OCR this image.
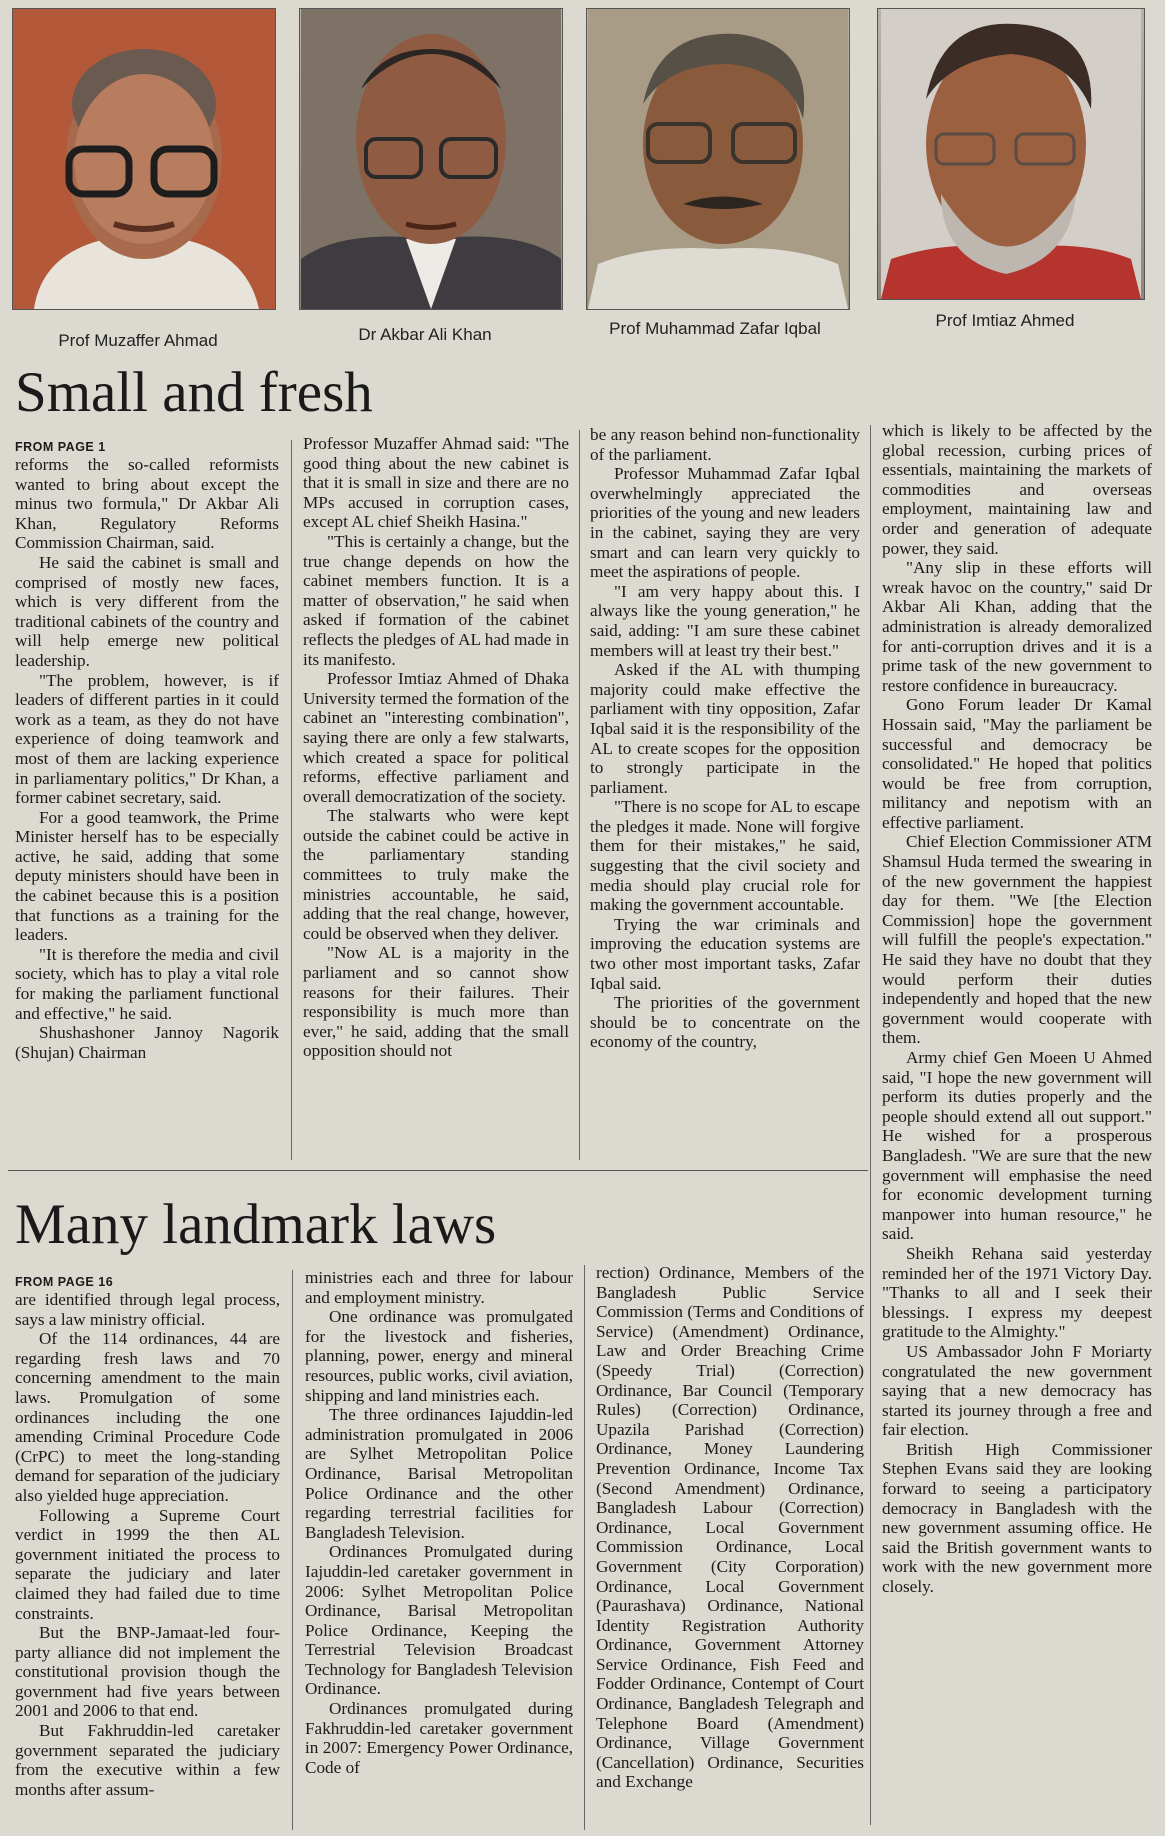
Prof Muzaffer Ahmad	Dr Akbar Ali Khan	Prof Muhammad Zafar Iqbal	Prof Imtiaz Ahmed
Small and fresh
FROM PAGE 1

reforms the so-called reformists wanted to bring about except the minus two formula," Dr Akbar Ali Khan, Regulatory Reforms Commission Chairman, said.

He said the cabinet is small and comprised of mostly new faces, which is very different from the traditional cabinets of the country and will help emerge new political leadership.

"The problem, however, is if leaders of different parties in it could work as a team, as they do not have experience of doing teamwork and most of them are lacking experience in parliamentary politics," Dr Khan, a former cabinet secretary, said.

For a good teamwork, the Prime Minister herself has to be especially active, he said, adding that some deputy ministers should have been in the cabinet because this is a position that functions as a training for the leaders.

"It is therefore the media and civil society, which has to play a vital role for making the parliament functional and effective," he said.

Shushashoner Jannoy Nagorik (Shujan) Chairman

Professor Muzaffer Ahmad said: "The good thing about the new cabinet is that it is small in size and there are no MPs accused in corruption cases, except AL chief Sheikh Hasina."

"This is certainly a change, but the true change depends on how the cabinet members function. It is a matter of observation," he said when asked if formation of the cabinet reflects the pledges of AL had made in its manifesto.

Professor Imtiaz Ahmed of Dhaka University termed the formation of the cabinet an "interesting combination", saying there are only a few stalwarts, which created a space for political reforms, effective parliament and overall democratization of the society.

The stalwarts who were kept outside the cabinet could be active in the parliamentary standing committees to truly make the ministries accountable, he said, adding that the real change, however, could be observed when they deliver.

"Now AL is a majority in the parliament and so cannot show reasons for their failures. Their responsibility is much more than ever," he said, adding that the small opposition should not

be any reason behind non-functionality of the parliament.

Professor Muhammad Zafar Iqbal overwhelmingly appreciated the priorities of the young and new leaders in the cabinet, saying they are very smart and can learn very quickly to meet the aspirations of people.

"I am very happy about this. I always like the young generation," he said, adding: "I am sure these cabinet members will at least try their best."

Asked if the AL with thumping majority could make effective the parliament with tiny opposition, Zafar Iqbal said it is the responsibility of the AL to create scopes for the opposition to strongly participate in the parliament.

"There is no scope for AL to escape the pledges it made. None will forgive them for their mistakes," he said, suggesting that the civil society and media should play crucial role for making the government accountable.

Trying the war criminals and improving the education systems are two other most important tasks, Zafar Iqbal said.

The priorities of the government should be to concentrate on the economy of the country,

which is likely to be affected by the global recession, curbing prices of essentials, maintaining the markets of commodities and overseas employment, maintaining law and order and generation of adequate power, they said.

"Any slip in these efforts will wreak havoc on the country," said Dr Akbar Ali Khan, adding that the administration is already demoralized for anti-corruption drives and it is a prime task of the new government to restore confidence in bureaucracy.

Gono Forum leader Dr Kamal Hossain said, "May the parliament be successful and democracy be consolidated." He hoped that politics would be free from corruption, militancy and nepotism with an effective parliament.

Chief Election Commissioner ATM Shamsul Huda termed the swearing in of the new government the happiest day for them. "We [the Election Commission] hope the government will fulfill the people's expectation." He said they have no doubt that they would perform their duties independently and hoped that the new government would cooperate with them.

Army chief Gen Moeen U Ahmed said, "I hope the new government will perform its duties properly and the people should extend all out support." He wished for a prosperous Bangladesh. "We are sure that the new government will emphasise the need for economic development turning manpower into human resource," he said.

Sheikh Rehana said yesterday reminded her of the 1971 Victory Day. "Thanks to all and I seek their blessings. I express my deepest gratitude to the Almighty."

US Ambassador John F Moriarty congratulated the new government saying that a new democracy has started its journey through a free and fair election.

British High Commissioner Stephen Evans said they are looking forward to seeing a participatory democracy in Bangladesh with the new government assuming office. He said the British government wants to work with the new government more closely.

Many landmark laws
FROM PAGE 16

are identified through legal process, says a law ministry official.

Of the 114 ordinances, 44 are regarding fresh laws and 70 concerning amendment to the main laws. Promulgation of some ordinances including the one amending Criminal Procedure Code (CrPC) to meet the long-standing demand for separation of the judiciary also yielded huge appreciation.

Following a Supreme Court verdict in 1999 the then AL government initiated the process to separate the judiciary and later claimed they had failed due to time constraints.

But the BNP-Jamaat-led four-party alliance did not implement the constitutional provision though the government had five years between 2001 and 2006 to that end.

But Fakhruddin-led caretaker government separated the judiciary from the executive within a few months after assum-

ministries each and three for labour and employment ministry.

One ordinance was promulgated for the livestock and fisheries, planning, power, energy and mineral resources, public works, civil aviation, shipping and land ministries each.

The three ordinances Iajuddin-led administration promulgated in 2006 are Sylhet Metropolitan Police Ordinance, Barisal Metropolitan Police Ordinance and the other regarding terrestrial facilities for Bangladesh Television.

Ordinances Promulgated during Iajuddin-led caretaker government in 2006: Sylhet Metropolitan Police Ordinance, Barisal Metropolitan Police Ordinance, Keeping the Terrestrial Television Broadcast Technology for Bangladesh Television Ordinance.

Ordinances promulgated during Fakhruddin-led caretaker government in 2007: Emergency Power Ordinance, Code of

rection) Ordinance, Members of the Bangladesh Public Service Commission (Terms and Conditions of Service) (Amendment) Ordinance, Law and Order Breaching Crime (Speedy Trial) (Correction) Ordinance, Bar Council (Temporary Rules) (Correction) Ordinance, Upazila Parishad (Correction) Ordinance, Money Laundering Prevention Ordinance, Income Tax (Second Amendment) Ordinance, Bangladesh Labour (Correction) Ordinance, Local Government Commission Ordinance, Local Government (City Corporation) Ordinance, Local Government (Paurashava) Ordinance, National Identity Registration Authority Ordinance, Government Attorney Service Ordinance, Fish Feed and Fodder Ordinance, Contempt of Court Ordinance, Bangladesh Telegraph and Telephone Board (Amendment) Ordinance, Village Government (Cancellation) Ordinance, Securities and Exchange
